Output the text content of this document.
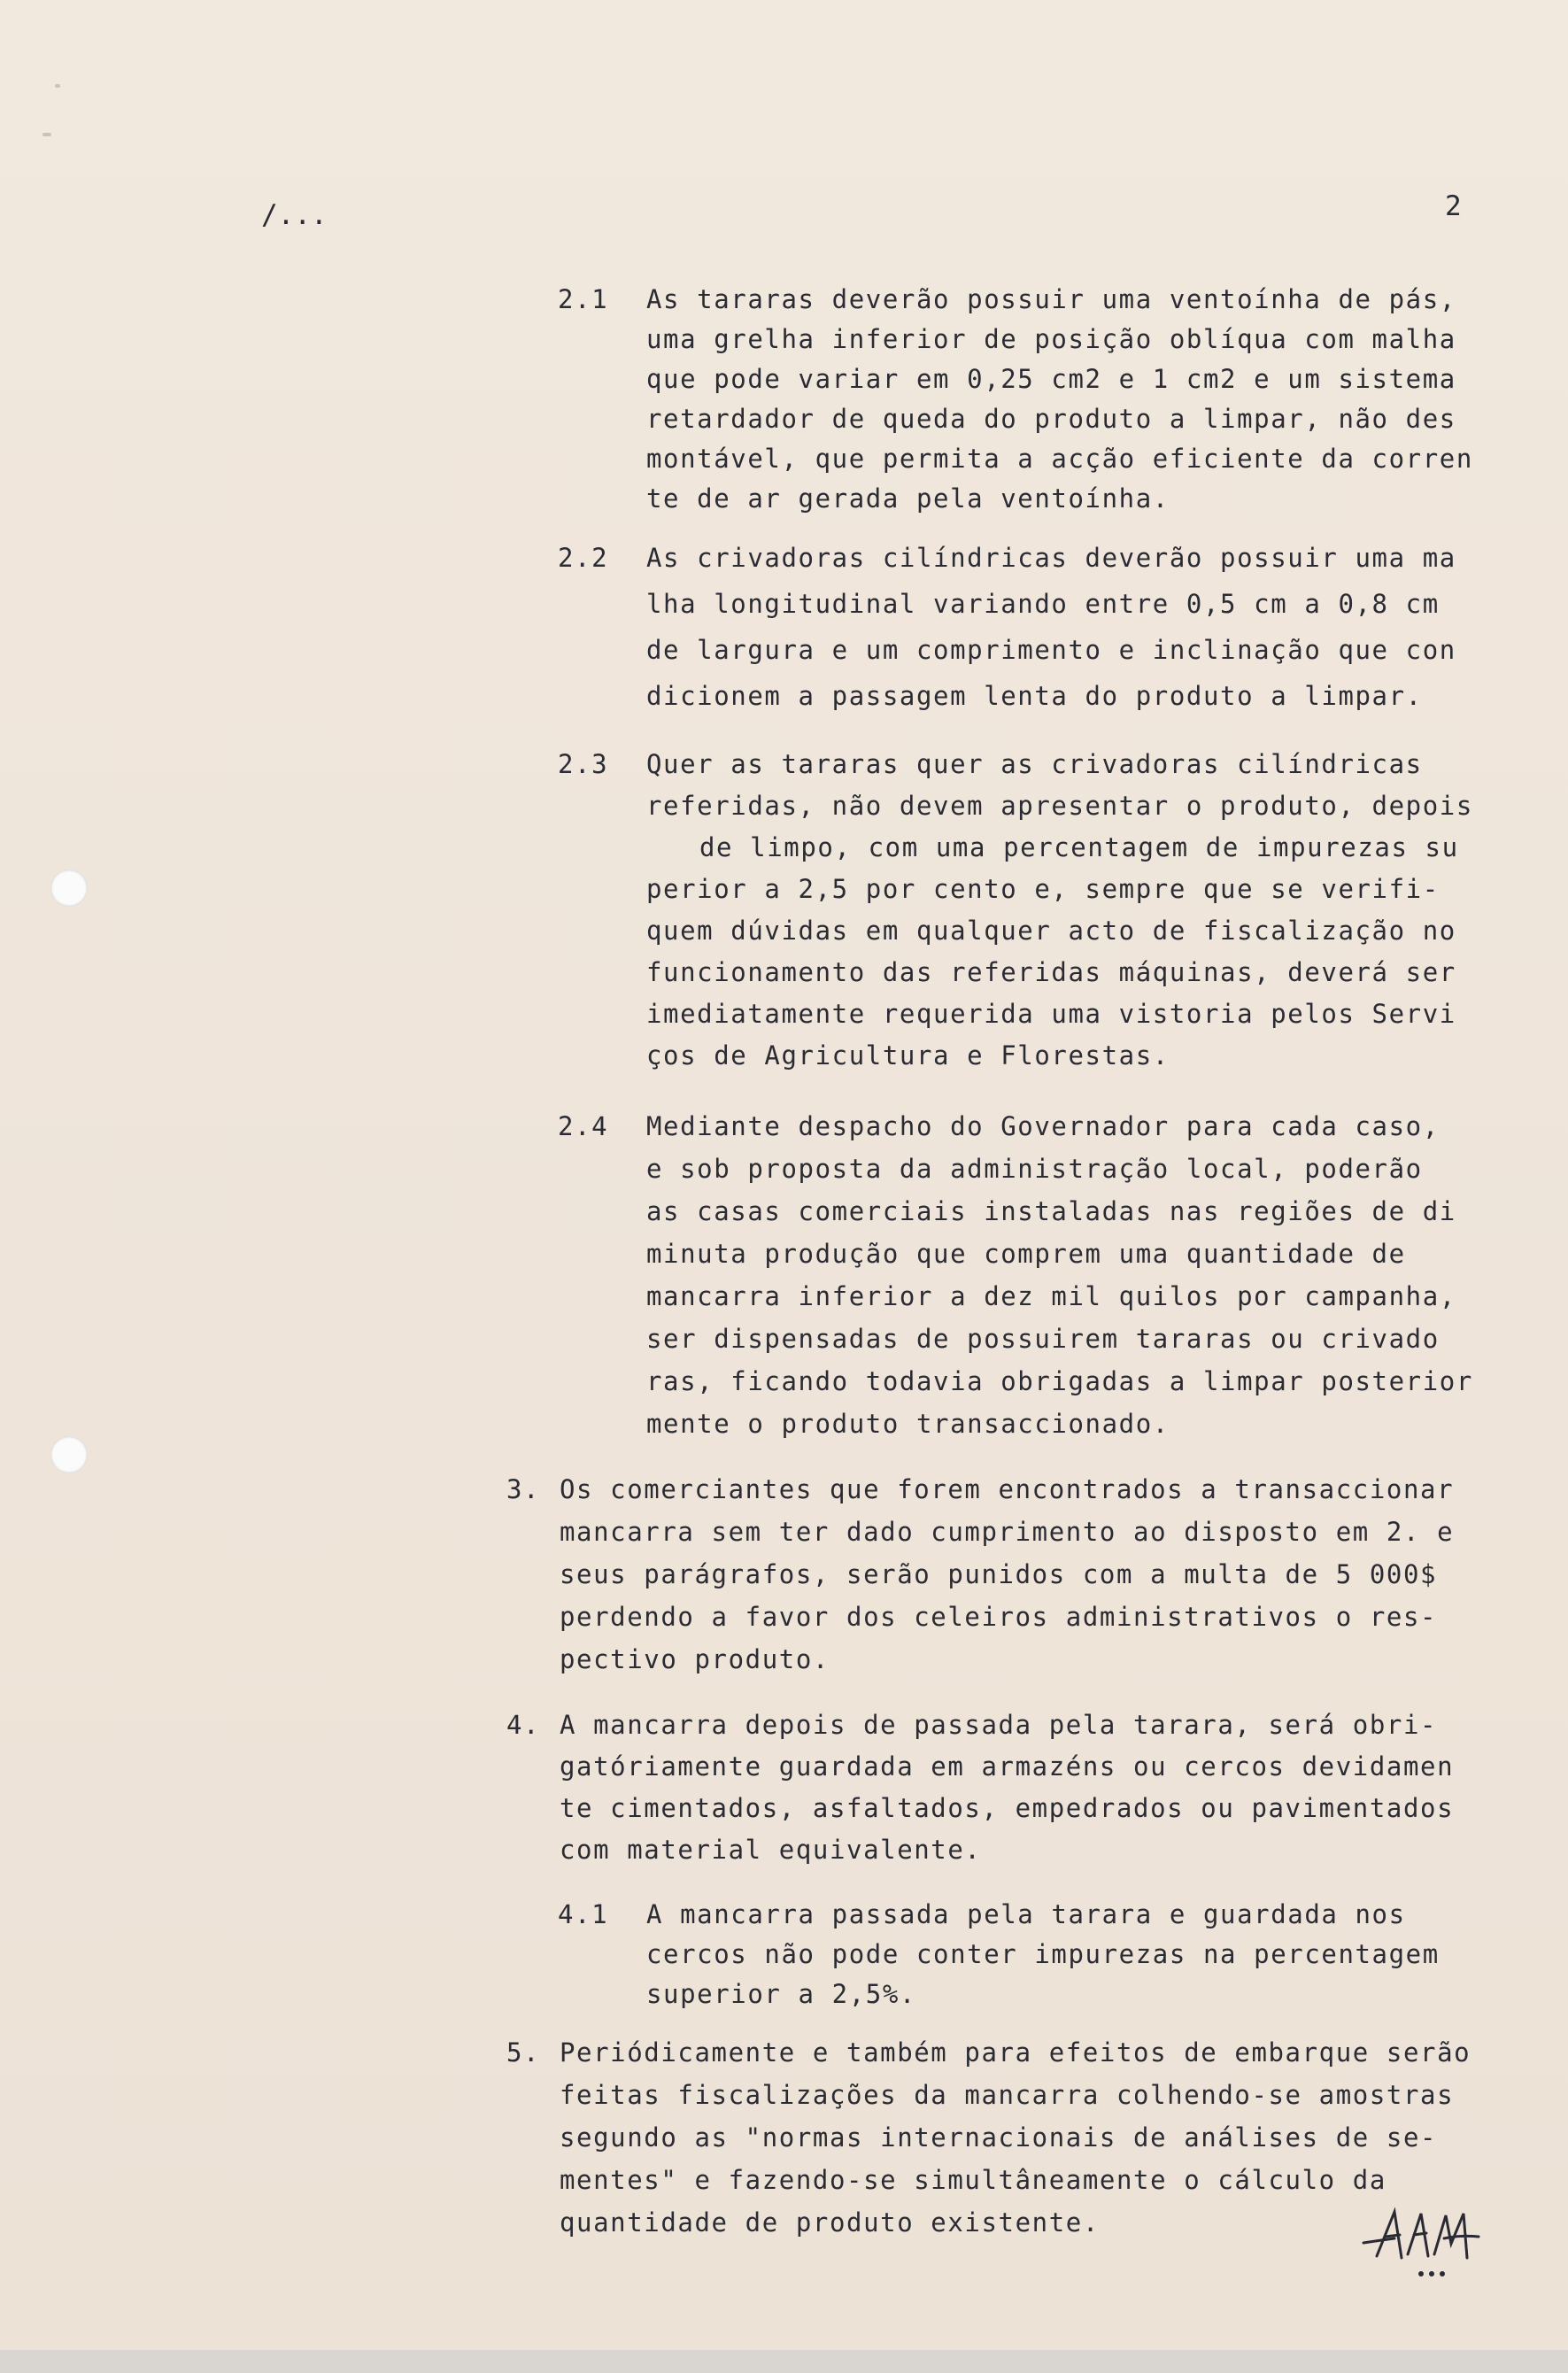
/...	2
2.1 As tararas deverão possuir uma ventoínha de pás,
uma grelha inferior de posição oblíqua com malha
que pode variar em 0,25 cm2 e 1 cm2 e um sistema
retardador de queda do produto a limpar, não des
montável, que permita a acção eficiente da corren
te de ar gerada pela ventoínha.
2.2 As crivadoras cilíndricas deverão possuir uma ma
lha longitudinal variando entre 0,5 cm a 0,8 cm
de largura e um comprimento e inclinação que con
dicionem a passagem lenta do produto a limpar.
2.3 Quer as tararas quer as crivadoras cilíndricas
referidas, não devem apresentar o produto, depois
de limpo, com uma percentagem de impurezas su
perior a 2,5 por cento e, sempre que se verifi-
quem dúvidas em qualquer acto de fiscalização no
funcionamento das referidas máquinas, deverá ser
imediatamente requerida uma vistoria pelos Servi
ços de Agricultura e Florestas.
2.4 Mediante despacho do Governador para cada caso,
e sob proposta da administração local, poderão
as casas comerciais instaladas nas regiões de di
minuta produção que comprem uma quantidade de
mancarra inferior a dez mil quilos por campanha,
ser dispensadas de possuirem tararas ou crivado
ras, ficando todavia obrigadas a limpar posterior
mente o produto transaccionado.
3. Os comerciantes que forem encontrados a transaccionar
mancarra sem ter dado cumprimento ao disposto em 2. e
seus parágrafos, serão punidos com a multa de 5 000$
perdendo a favor dos celeiros administrativos o res-
pectivo produto.
4. A mancarra depois de passada pela tarara, será obri-
gatóriamente guardada em armazéns ou cercos devidamen
te cimentados, asfaltados, empedrados ou pavimentados
com material equivalente.
4.1 A mancarra passada pela tarara e guardada nos
cercos não pode conter impurezas na percentagem
superior a 2,5%.
5. Periódicamente e também para efeitos de embarque serão
feitas fiscalizações da mancarra colhendo-se amostras
segundo as "normas internacionais de análises de se-
mentes" e fazendo-se simultâneamente o cálculo da
quantidade de produto existente.
